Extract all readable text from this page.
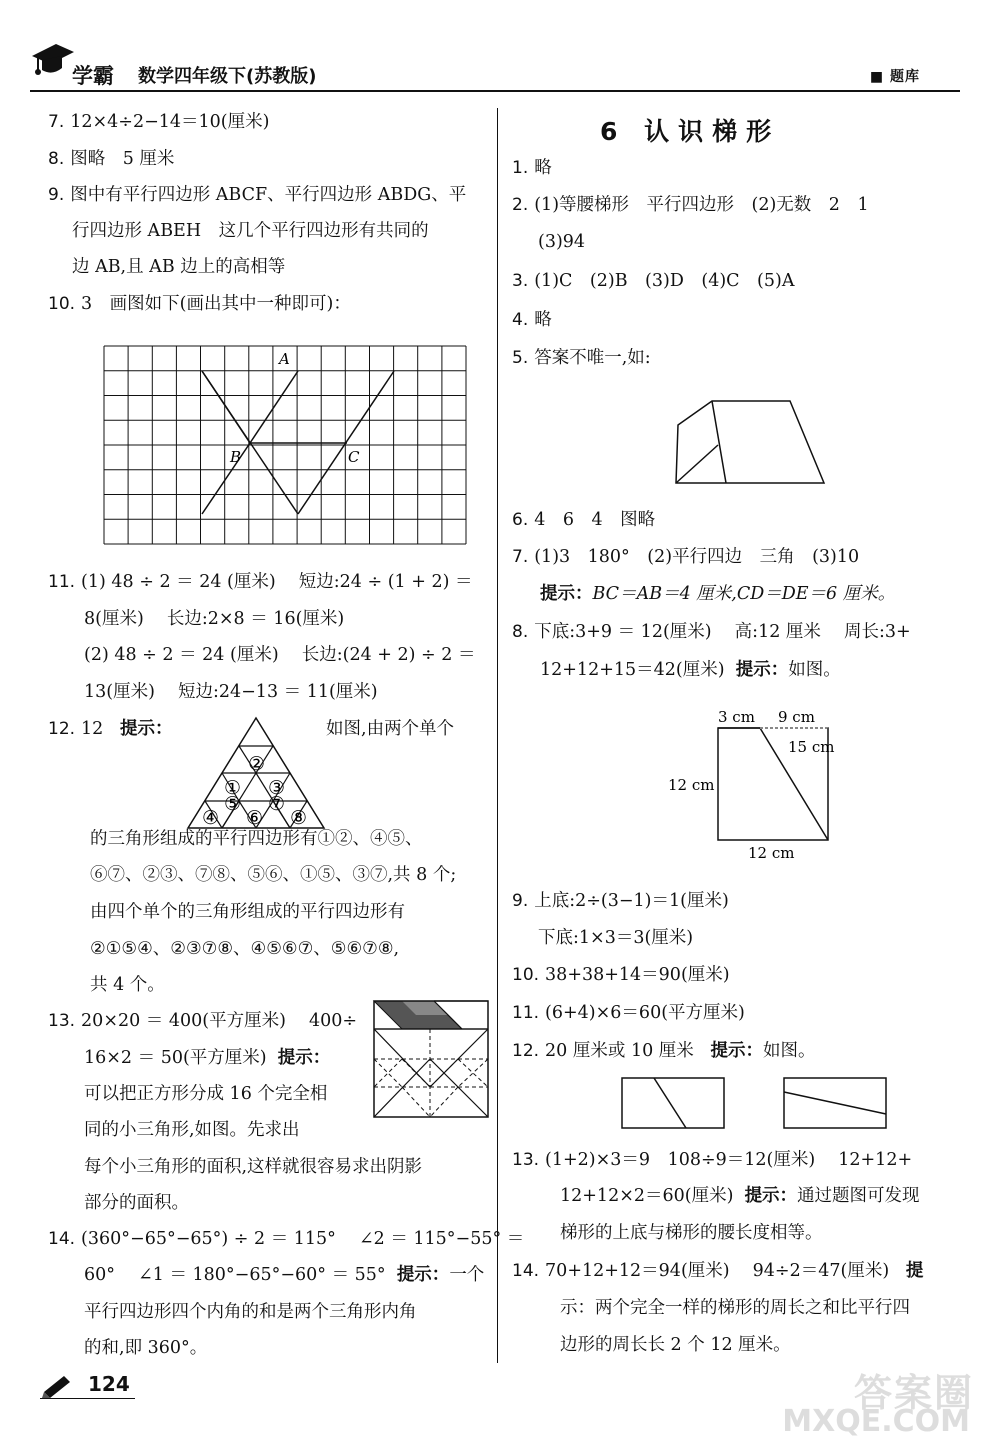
学霸 数学四年级下(苏教版)	■ 题库
7. 12×4÷2−14＝10(厘米)
8. 图略　5 厘米
9. 图中有平行四边形 ABCF、平行四边形 ABDG、平
行四边形 ABEH　这几个平行四边形有共同的
边 AB,且 AB 边上的高相等
10. 3　画图如下(画出其中一种即可)：
A
B	C
11. (1) 48 ÷ 2 ＝ 24 (厘米)　 短边:24 ÷ (1 + 2) ＝
8(厘米)　 长边:2×8 ＝ 16(厘米)
(2) 48 ÷ 2 ＝ 24 (厘米)　 长边:(24 + 2) ÷ 2 ＝
13(厘米)　 短边:24−13 ＝ 11(厘米)
12. 12 提示：	如图,由两个单个
①
②
③
④
⑤
⑥
⑦
⑧
的三角形组成的平行四边形有①②、④⑤、
⑥⑦、②③、⑦⑧、⑤⑥、①⑤、③⑦,共 8 个;
由四个单个的三角形组成的平行四边形有
②①⑤④、②③⑦⑧、④⑤⑥⑦、⑤⑥⑦⑧,
共 4 个。
13. 20×20 ＝ 400(平方厘米)　 400÷
16×2 ＝ 50(平方厘米) 提示：
可以把正方形分成 16 个完全相
同的小三角形,如图。先求出
每个小三角形的面积,这样就很容易求出阴影
部分的面积。
14. (360°−65°−65°) ÷ 2 ＝ 115°　 ∠2 ＝ 115°−55° ＝
60°　 ∠1 ＝ 180°−65°−60° ＝ 55° 提示：一个
平行四边形四个内角的和是两个三角形内角
的和,即 360°。
6 认识梯形
1. 略
2. (1)等腰梯形　平行四边形　(2)无数　2　1
(3)94
3. (1)C　(2)B　(3)D　(4)C　(5)A
4. 略
5. 答案不唯一,如:
6. 4　6　4　图略
7. (1)3　180°　(2)平行四边　三角　(3)10
提示：BC＝AB＝4 厘米,CD＝DE＝6 厘米。
8. 下底:3+9 ＝ 12(厘米)　 高:12 厘米　 周长:3+
12+12+15＝42(厘米) 提示：如图。
3 cm 9 cm
15 cm
12 cm
12 cm
9. 上底:2÷(3−1)＝1(厘米)
下底:1×3＝3(厘米)
10. 38+38+14＝90(厘米)
11. (6+4)×6＝60(平方厘米)
12. 20 厘米或 10 厘米 提示：如图。
13. (1+2)×3＝9　108÷9＝12(厘米)　 12+12+
12+12×2＝60(厘米) 提示：通过题图可发现
梯形的上底与梯形的腰长度相等。
14. 70+12+12＝94(厘米)　 94÷2＝47(厘米) 提
示：两个完全一样的梯形的周长之和比平行四
边形的周长长 2 个 12 厘米。
124	答案圈
MXQE.COM
